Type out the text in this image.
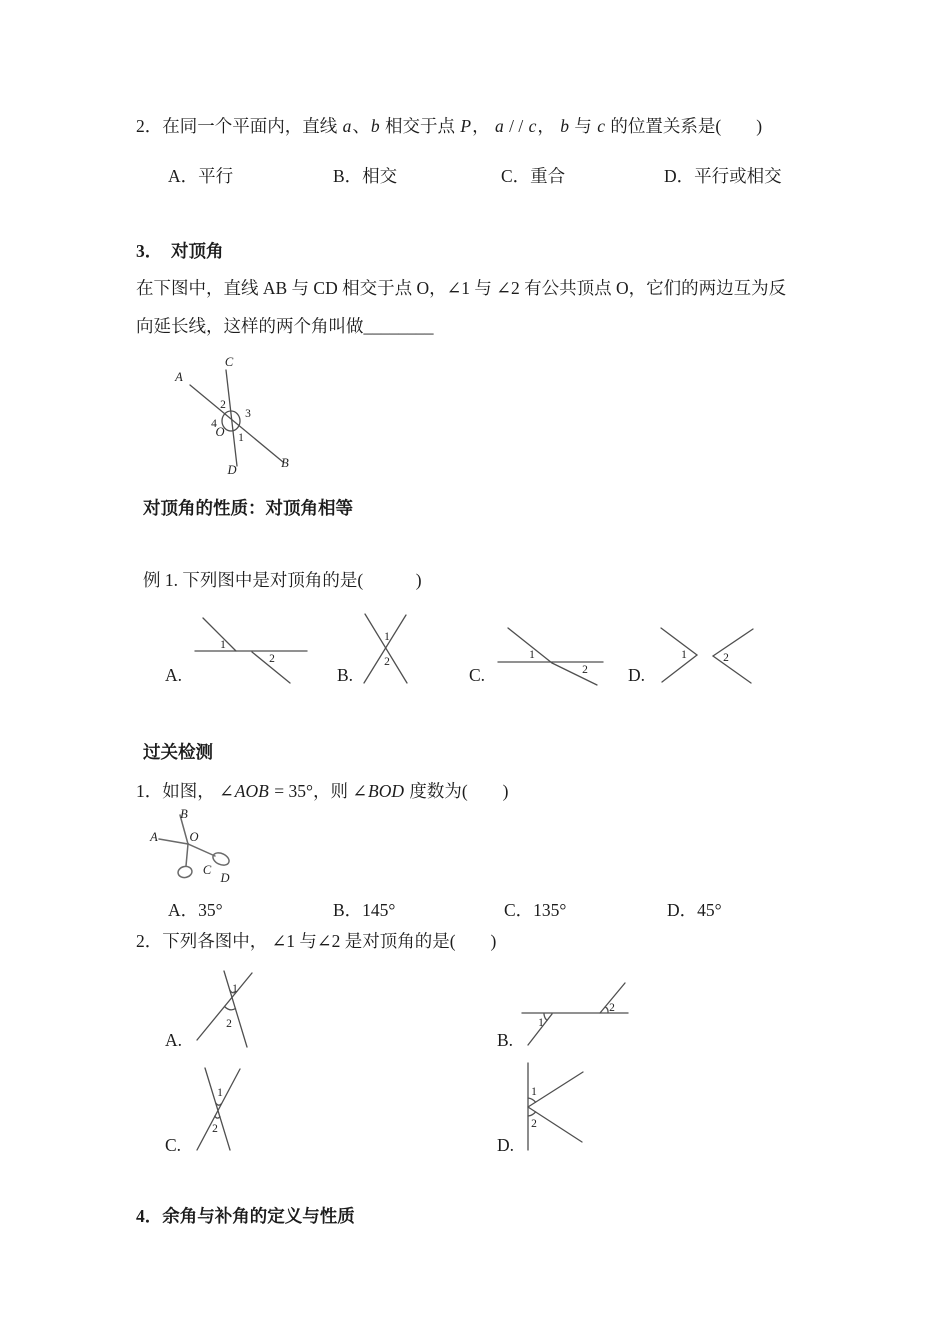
2．在同一个平面内，直线 a、b 相交于点 P， a / / c， b 与 c 的位置关系是(　　)
A．平行	B．相交	C．重合	D．平行或相交
3．　对顶角
在下图中，直线 AB 与 CD 相交于点 O，∠1 与 ∠2 有公共顶点 O，它们的两边互为反
向延长线，这样的两个角叫做________
A
C
B
D
O
2
3
4
1
对顶角的性质：对顶角相等
例 1. 下列图中是对顶角的是(　　　)
1
2
A.
1
2
B.
1
2
C.
1	2
D.
过关检测
1．如图， ∠AOB = 35°，则 ∠BOD 度数为(　　)
A
B
O
C
D
A．35°	B．145°	C．135°	D．45°
2．下列各图中， ∠1 与∠2 是对顶角的是(　　)
1
2
A.
1
2
B.
1
2
C.
1
2
D.
4．余角与补角的定义与性质
